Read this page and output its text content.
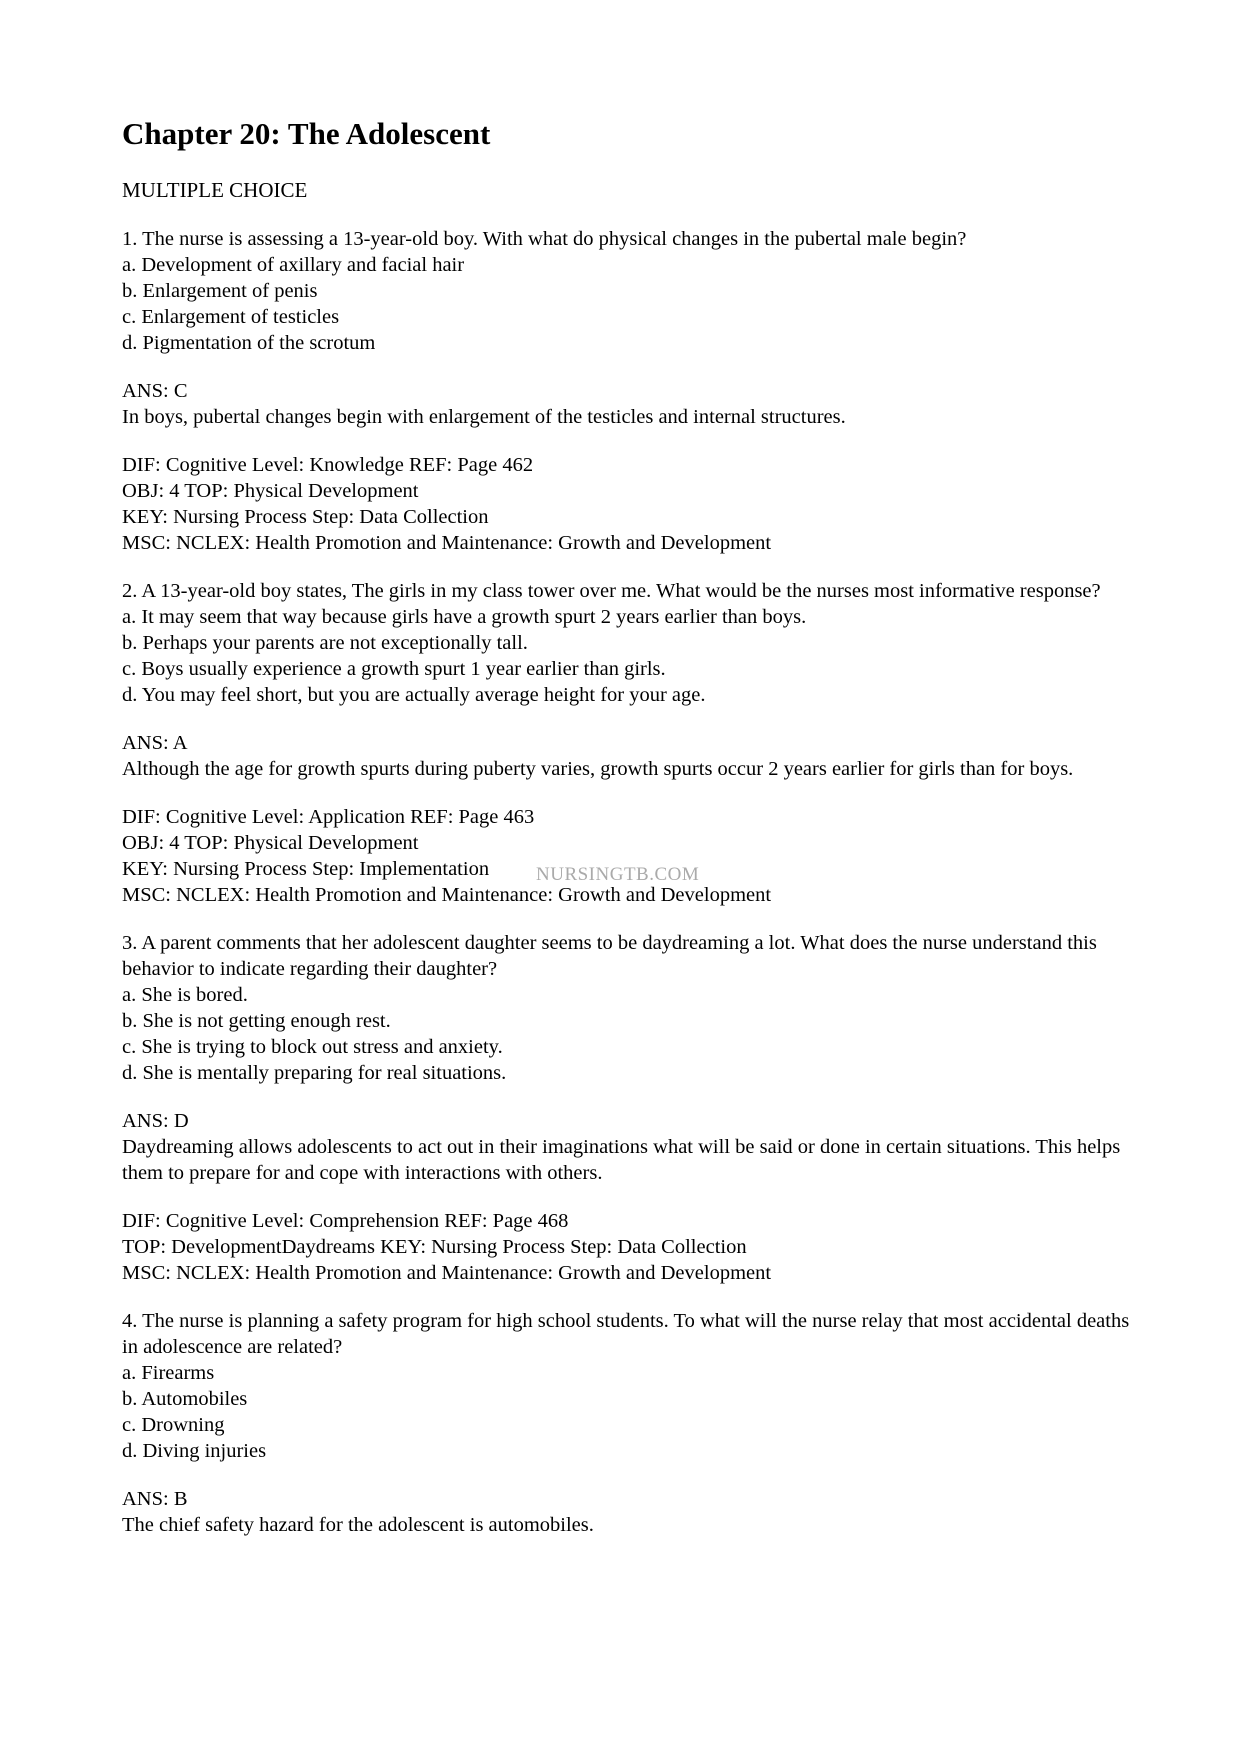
Chapter 20: The Adolescent
MULTIPLE CHOICE
1. The nurse is assessing a 13-year-old boy. With what do physical changes in the pubertal male begin?
a. Development of axillary and facial hair
b. Enlargement of penis
c. Enlargement of testicles
d. Pigmentation of the scrotum
ANS: C
In boys, pubertal changes begin with enlargement of the testicles and internal structures.
DIF: Cognitive Level: Knowledge REF: Page 462
OBJ: 4 TOP: Physical Development
KEY: Nursing Process Step: Data Collection
MSC: NCLEX: Health Promotion and Maintenance: Growth and Development
2. A 13-year-old boy states, The girls in my class tower over me. What would be the nurses most informative response?
a. It may seem that way because girls have a growth spurt 2 years earlier than boys.
b. Perhaps your parents are not exceptionally tall.
c. Boys usually experience a growth spurt 1 year earlier than girls.
d. You may feel short, but you are actually average height for your age.
ANS: A
Although the age for growth spurts during puberty varies, growth spurts occur 2 years earlier for girls than for boys.
DIF: Cognitive Level: Application REF: Page 463
OBJ: 4 TOP: Physical Development
KEY: Nursing Process Step: Implementation
MSC: NCLEX: Health Promotion and Maintenance: Growth and Development
3. A parent comments that her adolescent daughter seems to be daydreaming a lot. What does the nurse understand this behavior to indicate regarding their daughter?
a. She is bored.
b. She is not getting enough rest.
c. She is trying to block out stress and anxiety.
d. She is mentally preparing for real situations.
ANS: D
Daydreaming allows adolescents to act out in their imaginations what will be said or done in certain situations. This helps them to prepare for and cope with interactions with others.
DIF: Cognitive Level: Comprehension REF: Page 468
TOP: DevelopmentDaydreams KEY: Nursing Process Step: Data Collection
MSC: NCLEX: Health Promotion and Maintenance: Growth and Development
4. The nurse is planning a safety program for high school students. To what will the nurse relay that most accidental deaths in adolescence are related?
a. Firearms
b. Automobiles
c. Drowning
d. Diving injuries
ANS: B
The chief safety hazard for the adolescent is automobiles.
NURSINGTB.COM
